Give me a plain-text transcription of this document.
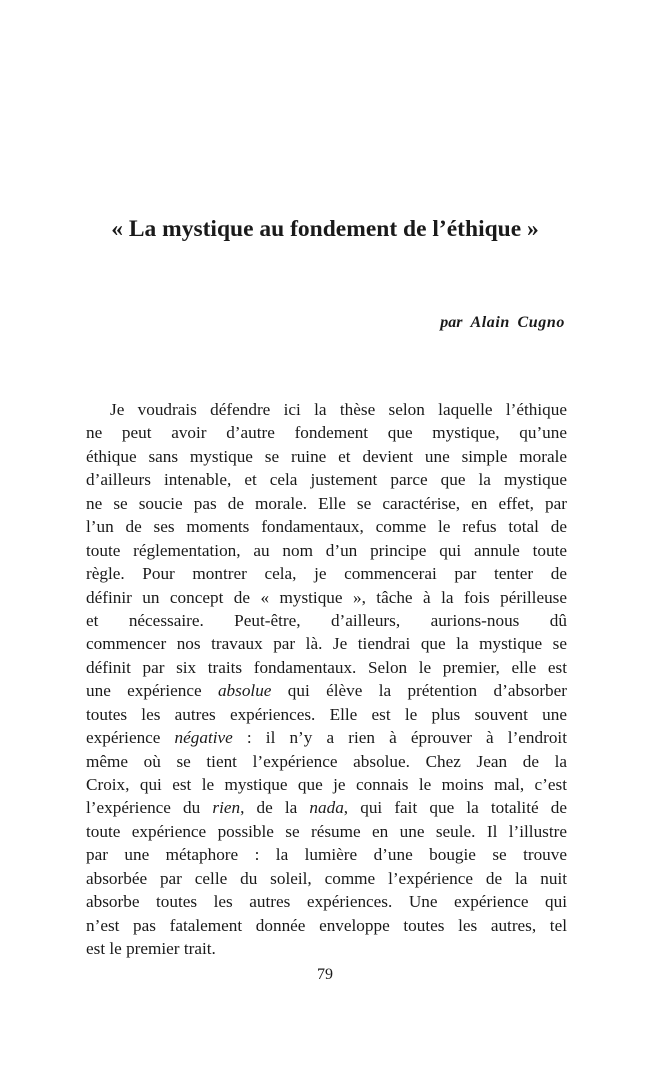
« La mystique au fondement de l’éthique »
par Alain Cugno
Je voudrais défendre ici la thèse selon laquelle l’éthique
ne peut avoir d’autre fondement que mystique, qu’une
éthique sans mystique se ruine et devient une simple morale
d’ailleurs intenable, et cela justement parce que la mystique
ne se soucie pas de morale. Elle se caractérise, en effet, par
l’un de ses moments fondamentaux, comme le refus total de
toute réglementation, au nom d’un principe qui annule toute
règle. Pour montrer cela, je commencerai par tenter de
définir un concept de « mystique », tâche à la fois périlleuse
et nécessaire. Peut-être, d’ailleurs, aurions-nous dû
commencer nos travaux par là. Je tiendrai que la mystique se
définit par six traits fondamentaux. Selon le premier, elle est
une expérience absolue qui élève la prétention d’absorber
toutes les autres expériences. Elle est le plus souvent une
expérience négative : il n’y a rien à éprouver à l’endroit
même où se tient l’expérience absolue. Chez Jean de la
Croix, qui est le mystique que je connais le moins mal, c’est
l’expérience du rien, de la nada, qui fait que la totalité de
toute expérience possible se résume en une seule. Il l’illustre
par une métaphore : la lumière d’une bougie se trouve
absorbée par celle du soleil, comme l’expérience de la nuit
absorbe toutes les autres expériences. Une expérience qui
n’est pas fatalement donnée enveloppe toutes les autres, tel
est le premier trait.
79
